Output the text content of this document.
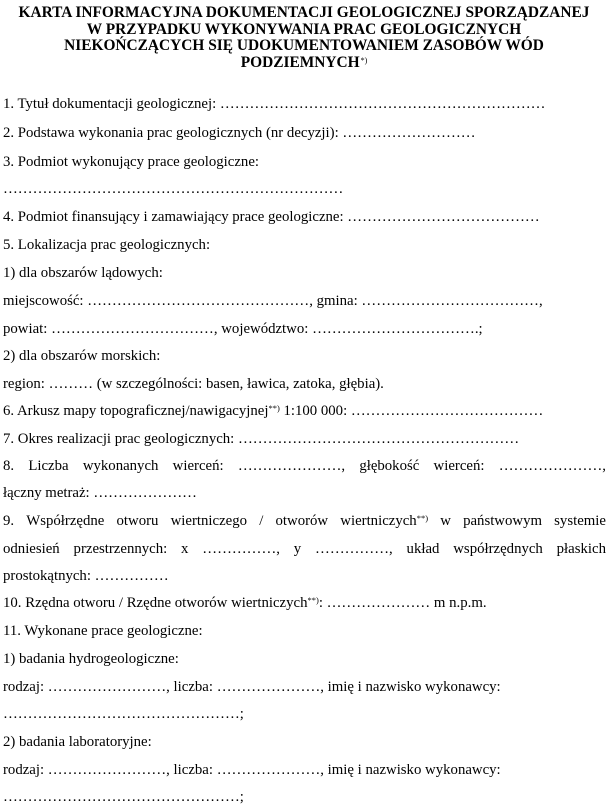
KARTA INFORMACYJNA DOKUMENTACJI GEOLOGICZNEJ SPORZĄDZANEJ
W PRZYPADKU WYKONYWANIA PRAC GEOLOGICZNYCH
NIEKOŃCZĄCYCH SIĘ UDOKUMENTOWANIEM ZASOBÓW WÓD
PODZIEMNYCH*)
1. Tytuł dokumentacji geologicznej: …………………………………………………………
2. Podstawa wykonania prac geologicznych (nr decyzji): ………………………
3. Podmiot wykonujący prace geologiczne:
……………………………………………………………
4. Podmiot finansujący i zamawiający prace geologiczne: …………………………………
5. Lokalizacja prac geologicznych:
1) dla obszarów lądowych:
miejscowość: ………………………………………, gmina: ………………………………,
powiat: ……………………………, województwo: …………………………….;
2) dla obszarów morskich:
region: ……… (w szczególności: basen, ławica, zatoka, głębia).
6. Arkusz mapy topograficznej/nawigacyjnej**) 1:100 000: …………………………………
7. Okres realizacji prac geologicznych: …………………………………………………
8. Liczba wykonanych wierceń: …………………, głębokość wierceń: …………………,
łączny metraż: …………………
9. Współrzędne otworu wiertniczego / otworów wiertniczych**) w państwowym systemie
odniesień przestrzennych: x ……………, y ……………, układ współrzędnych płaskich
prostokątnych: ……………
10. Rzędna otworu / Rzędne otworów wiertniczych**): ………………… m n.p.m.
11. Wykonane prace geologiczne:
1) badania hydrogeologiczne:
rodzaj: ……………………, liczba: …………………, imię i nazwisko wykonawcy:
…………………………………………;
2) badania laboratoryjne:
rodzaj: ……………………, liczba: …………………, imię i nazwisko wykonawcy:
…………………………………………;
